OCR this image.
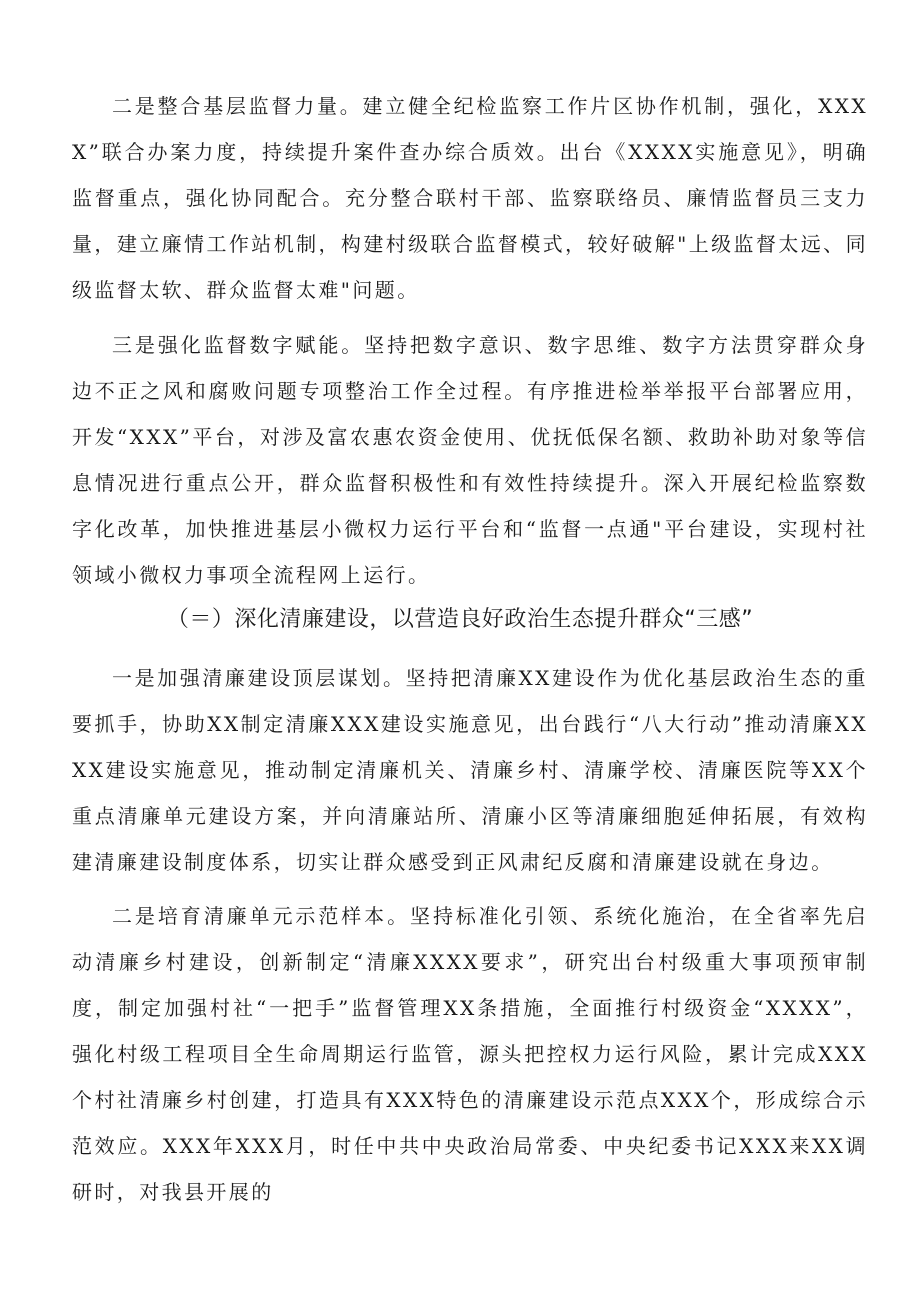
二是整合基层监督力量。建立健全纪检监察工作片区协作机制，强化，XXXX”联合办案力度，持续提升案件查办综合质效。出台《XXXX实施意见》，明确监督重点，强化协同配合。充分整合联村干部、监察联络员、廉情监督员三支力量，建立廉情工作站机制，构建村级联合监督模式，较好破解"上级监督太远、同级监督太软、群众监督太难"问题。

三是强化监督数字赋能。坚持把数字意识、数字思维、数字方法贯穿群众身边不正之风和腐败问题专项整治工作全过程。有序推进检举举报平台部署应用，开发“XXX”平台，对涉及富农惠农资金使用、优抚低保名额、救助补助对象等信息情况进行重点公开，群众监督积极性和有效性持续提升。深入开展纪检监察数字化改革，加快推进基层小微权力运行平台和“监督一点通"平台建设，实现村社领域小微权力事项全流程网上运行。

（＝）深化清廉建设，以营造良好政治生态提升群众“三感”

一是加强清廉建设顶层谋划。坚持把清廉XX建设作为优化基层政治生态的重要抓手，协助XX制定清廉XXX建设实施意见，出台践行“八大行动”推动清廉XXXX建设实施意见，推动制定清廉机关、清廉乡村、清廉学校、清廉医院等XX个重点清廉单元建设方案，并向清廉站所、清廉小区等清廉细胞延伸拓展，有效构建清廉建设制度体系，切实让群众感受到正风肃纪反腐和清廉建设就在身边。

二是培育清廉单元示范样本。坚持标准化引领、系统化施治，在全省率先启动清廉乡村建设，创新制定“清廉XXXX要求”，研究出台村级重大事项预审制度，制定加强村社“一把手”监督管理XX条措施，全面推行村级资金“XXXX”，强化村级工程项目全生命周期运行监管，源头把控权力运行风险，累计完成XXX个村社清廉乡村创建，打造具有XXX特色的清廉建设示范点XXX个，形成综合示范效应。XXX年XXX月，时任中共中央政治局常委、中央纪委书记XXX来XX调研时，对我县开展的
